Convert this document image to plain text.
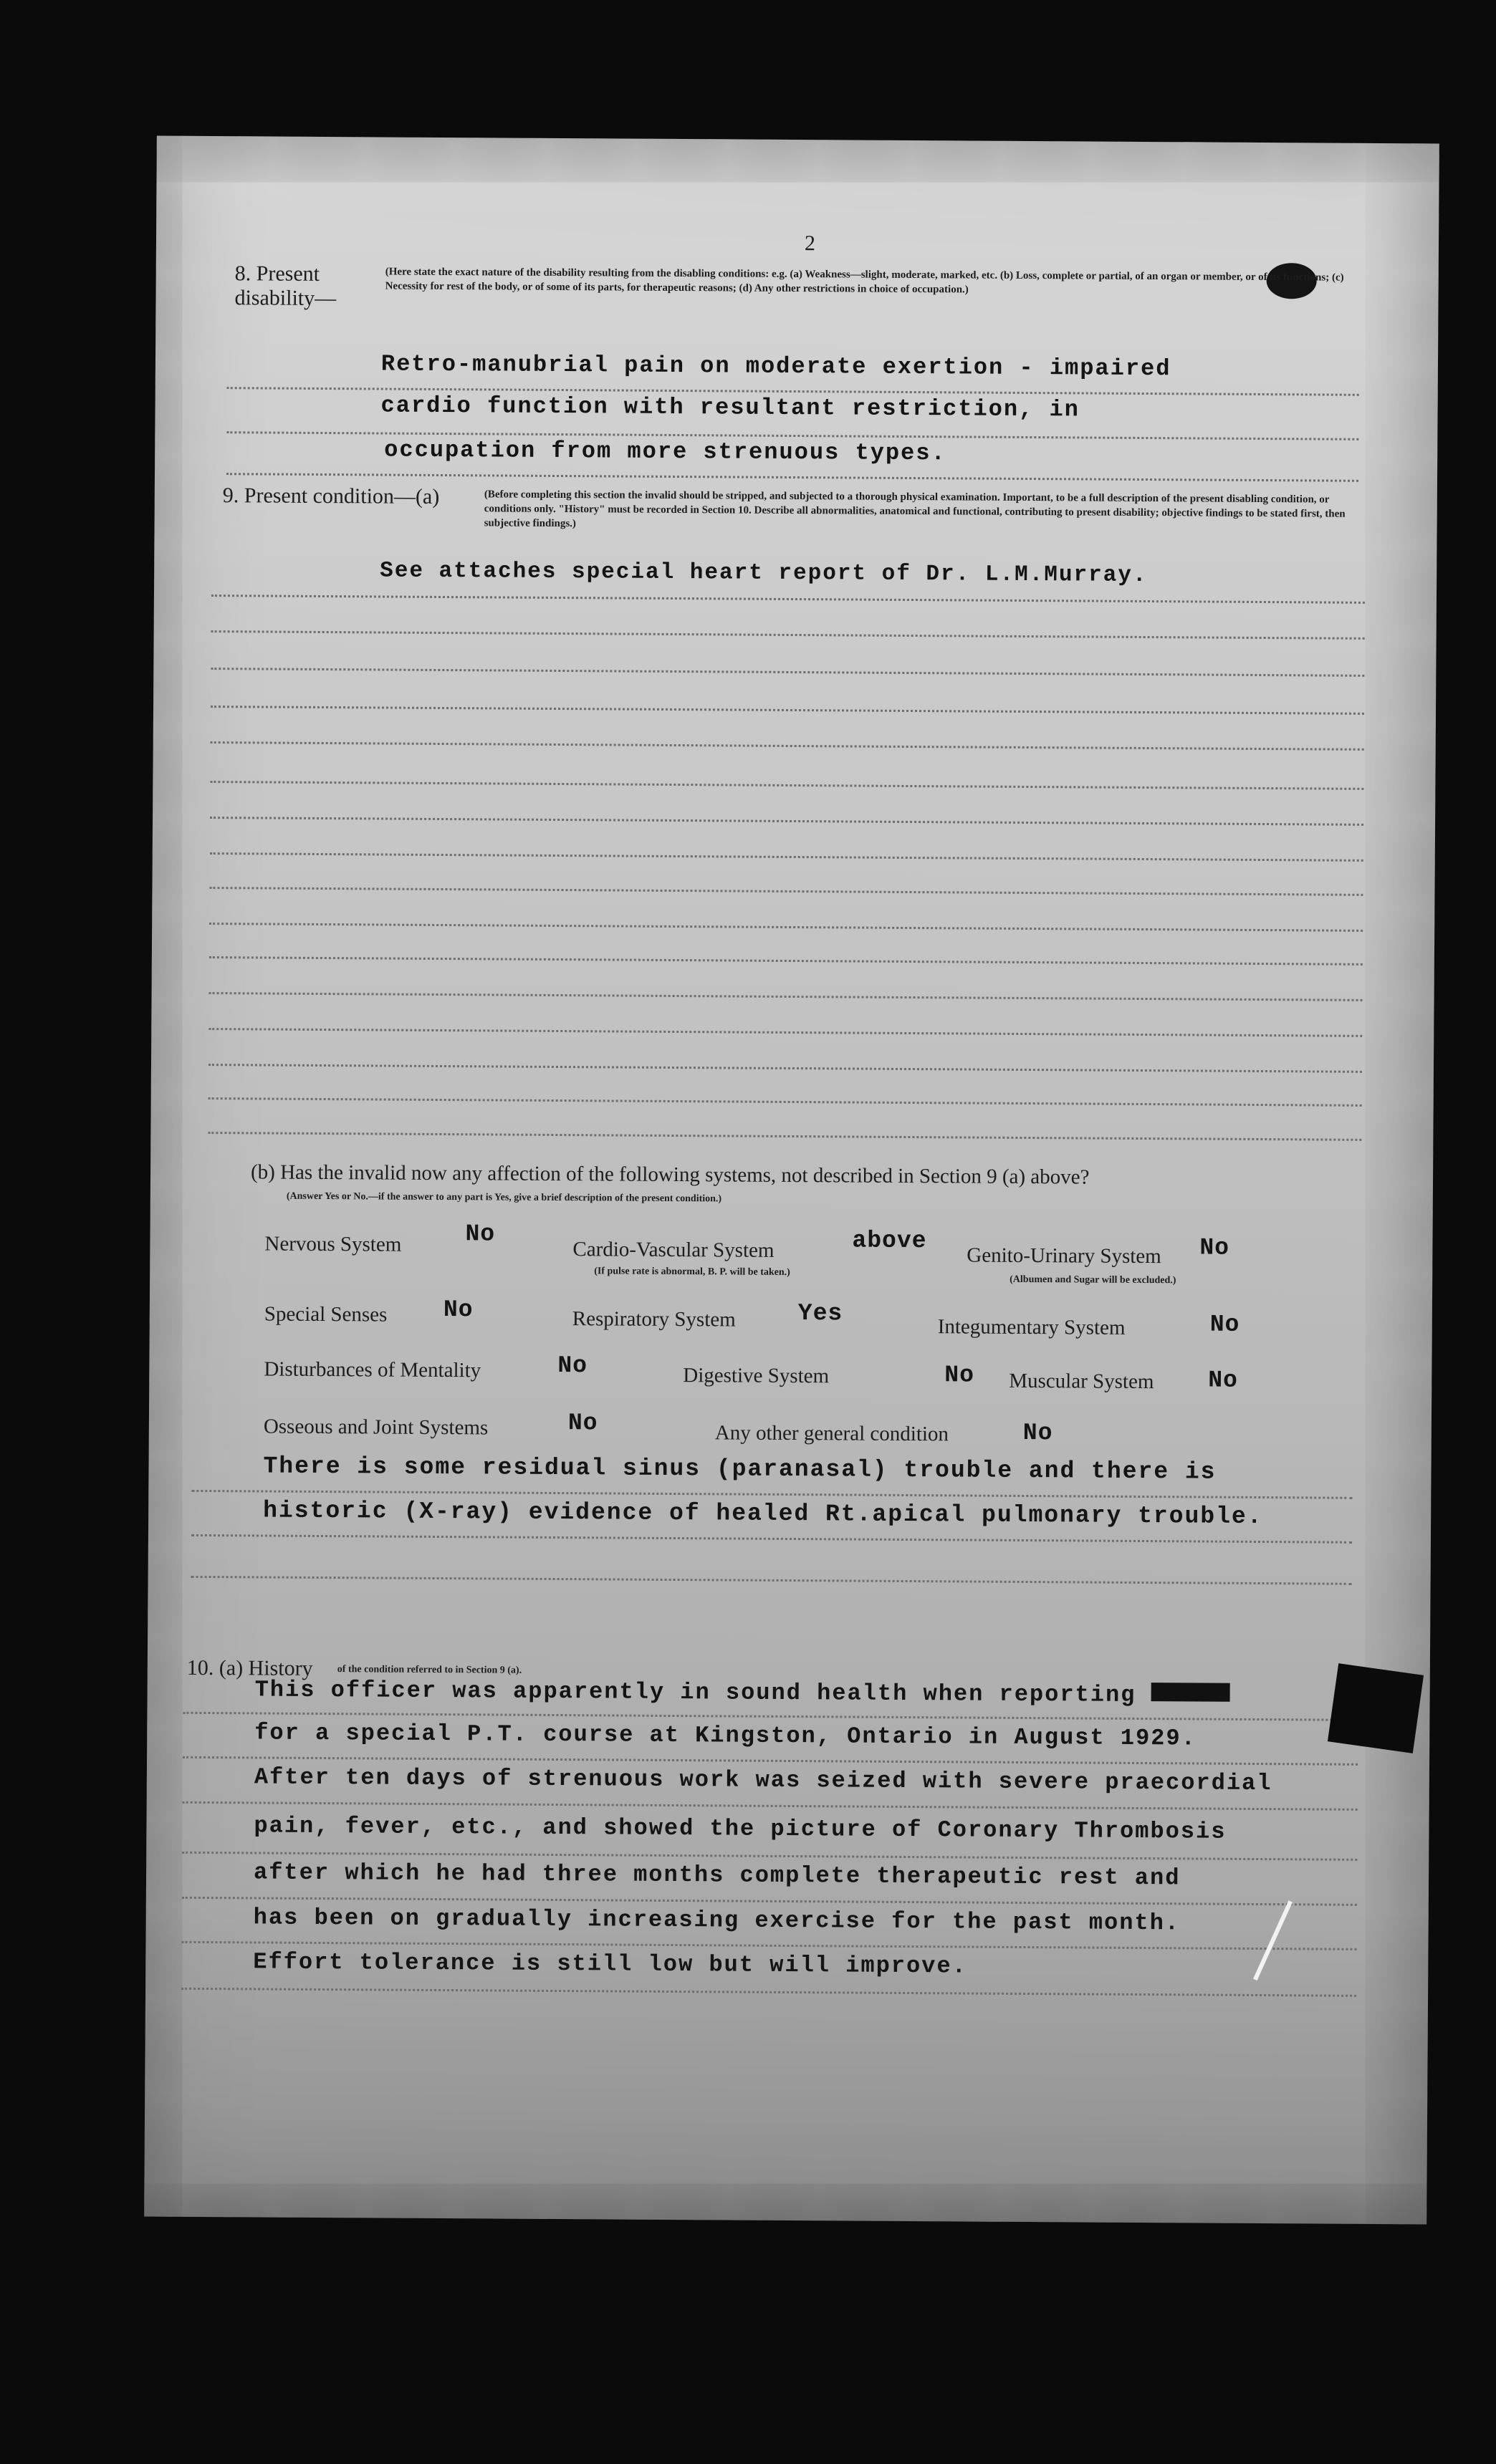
2
8. Present disability—
(Here state the exact nature of the disability resulting from the disabling conditions: e.g. (a) Weakness—slight, moderate, marked, etc. (b) Loss, complete or partial, of an organ or member, or of its functions; (c) Necessity for rest of the body, or of some of its parts, for therapeutic reasons; (d) Any other restrictions in choice of occupation.)
Retro-manubrial pain on moderate exertion - impaired
cardio function with resultant restriction, in
occupation from more strenuous types.
9. Present condition—(a)	(Before completing this section the invalid should be stripped, and subjected to a thorough physical examination. Important, to be a full description of the present disabling condition, or conditions only. "History" must be recorded in Section 10. Describe all abnormalities, anatomical and functional, contributing to present disability; objective findings to be stated first, then subjective findings.)
See attaches special heart report of Dr. L.M.Murray.
(b) Has the invalid now any affection of the following systems, not described in Section 9 (a) above?
(Answer Yes or No.—if the answer to any part is Yes, give a brief description of the present condition.)
Nervous System	No
Cardio-Vascular System	above
(If pulse rate is abnormal, B. P. will be taken.)
Genito-Urinary System No
(Albumen and Sugar will be excluded.)
Special Senses No	Respiratory System	Yes
Integumentary System	No
Disturbances of Mentality	No	Digestive System	No Muscular System No
Osseous and Joint Systems	No	Any other general condition	No
There is some residual sinus (paranasal) trouble and there is
historic (X-ray) evidence of healed Rt.apical pulmonary trouble.
10. (a) History of the condition referred to in Section 9 (a).
This officer was apparently in sound health when reporting
for a special P.T. course at Kingston, Ontario in August 1929.
After ten days of strenuous work was seized with severe praecordial
pain, fever, etc., and showed the picture of Coronary Thrombosis
after which he had three months complete therapeutic rest and
has been on gradually increasing exercise for the past month.
Effort tolerance is still low but will improve.
